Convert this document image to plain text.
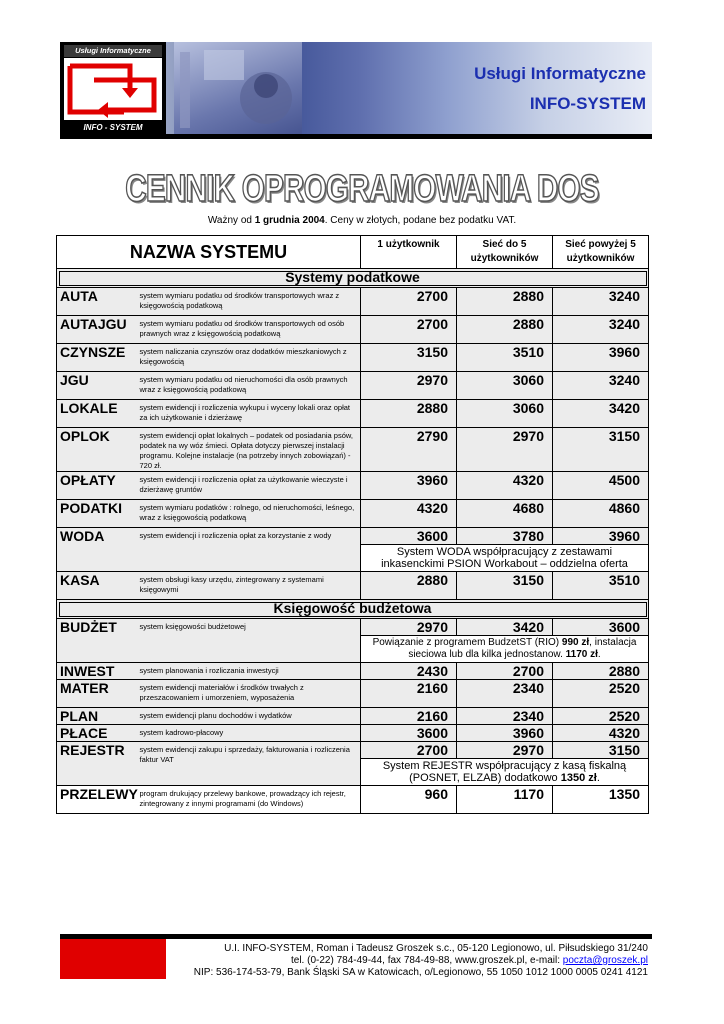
Usługi Informatyczne
INFO - SYSTEM
Usługi Informatyczne
INFO-SYSTEM
CENNIK OPROGRAMOWANIA DOS
Ważny od 1 grudnia 2004. Ceny w złotych, podane bez podatku VAT.
NAZWA SYSTEMU		1 użytkownik	Sieć do 5 użytkowników	Sieć powyżej 5 użytkowników
Systemy podatkowe				
AUTA	system wymiaru podatku od środków transportowych wraz z księgowością podatkową	2700	2880	3240
AUTAJGU	system wymiaru podatku od środków transportowych od osób prawnych wraz z księgowością podatkową	2700	2880	3240
CZYNSZE	system naliczania czynszów oraz dodatków mieszkaniowych z księgowością	3150	3510	3960
JGU	system wymiaru podatku od nieruchomości dla osób prawnych wraz z księgowością podatkową	2970	3060	3240
LOKALE	system ewidencji i rozliczenia wykupu i wyceny lokali oraz opłat za ich użytkowanie i dzierżawę	2880	3060	3420
OPLOK	system ewidencji opłat lokalnych – podatek od posiadania psów, podatek na wy wóz śmieci. Opłata dotyczy pierwszej instalacji programu. Kolejne instalacje (na potrzeby innych zobowiązań) - 720 zł.	2790	2970	3150
OPŁATY	system ewidencji i rozliczenia opłat za użytkowanie wieczyste i dzierżawę gruntów	3960	4320	4500
PODATKI	system wymiaru podatków : rolnego, od nieruchomości, leśnego, wraz z księgowością podatkową	4320	4680	4860
WODA	system ewidencji i rozliczenia opłat za korzystanie z wody	3600	3780	3960
		System WODA współpracujący z zestawami inkasenckimi PSION Workabout – oddzielna oferta		
KASA	system obsługi kasy urzędu, zintegrowany z systemami księgowymi	2880	3150	3510
Księgowość budżetowa				
BUDŻET	system księgowości budżetowej	2970	3420	3600
		Powiązanie z programem BudzetST (RIO) 990 zł, instalacja sieciowa lub dla kilka jednostanow. 1170 zł.		
INWEST	system planowania i rozliczania inwestycji	2430	2700	2880
MATER	system ewidencji materiałów i środków trwałych z przeszacowaniem i umorzeniem, wyposażenia	2160	2340	2520
PLAN	system ewidencji planu dochodów i wydatków	2160	2340	2520
PŁACE	system kadrowo-płacowy	3600	3960	4320
REJESTR	system ewidencji zakupu i sprzedaży, fakturowania i rozliczenia faktur VAT	2700	2970	3150
		System REJESTR współpracujący z kasą fiskalną (POSNET, ELZAB) dodatkowo 1350 zł.		
PRZELEWY	program drukujący przelewy bankowe, prowadzący ich rejestr, zintegrowany z innymi programami (do Windows)	960	1170	1350
U.I. INFO-SYSTEM, Roman i Tadeusz Groszek s.c., 05-120 Legionowo, ul. Piłsudskiego 31/240
tel. (0-22) 784-49-44, fax 784-49-88, www.groszek.pl, e-mail: poczta@groszek.pl
NIP: 536-174-53-79, Bank Śląski SA w Katowicach, o/Legionowo, 55 1050 1012 1000 0005 0241 4121
